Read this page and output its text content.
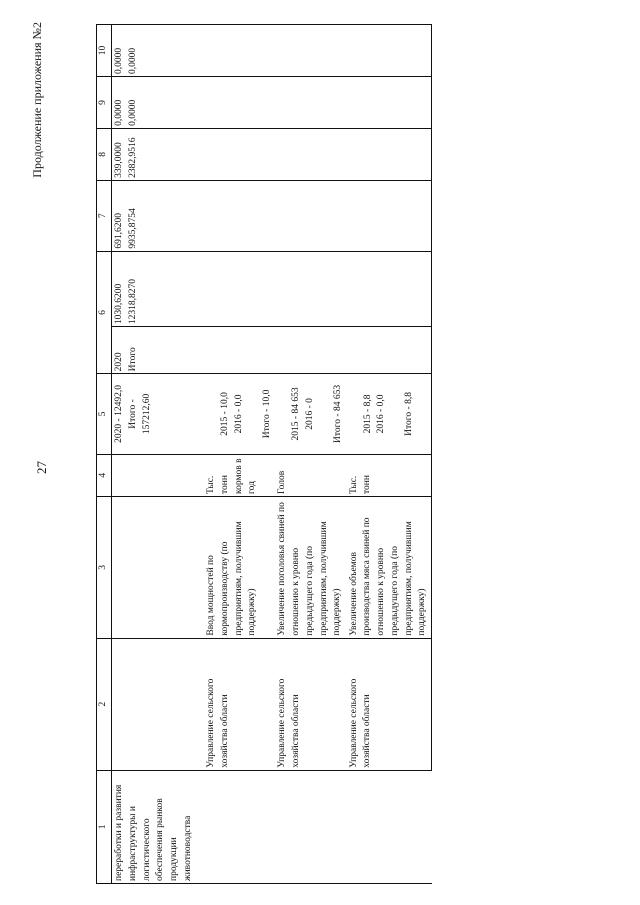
27
Продолжение приложения №2
1	2	3	4	5	6		7	8	9	10
переработки и развития инфраструктуры и логистического обеспечения рынков продукции животноводства				2020 - 12492,0 Итого - 157212,60	2020 Итого	1030,6200 12318,8270	691,6200 9935,8754	339,0000 2382,9516	0,0000 0,0000	0,0000 0,0000

	Управление сельского хозяйства области	Ввод мощностей по кормопроизводству (по предприятиям, получившим поддержку)	Тыс. тонн кормов в год	2015 - 10,0 2016 - 0,0 Итого - 10,0						

	Управление сельского хозяйства области	Увеличение поголовья свиней по отношению к уровню предыдущего года (по предприятиям, получившим поддержку)	Голов	2015 - 84 653 2016 - 0 Итого - 84 653						

	Управление сельского хозяйства области	Увеличение объемов производства мяса свиней по отношению к уровню предыдущего года (по предприятиям, получившим поддержку)	Тыс. тонн	2015 - 8,8 2016 - 0,0 Итого - 8,8						
